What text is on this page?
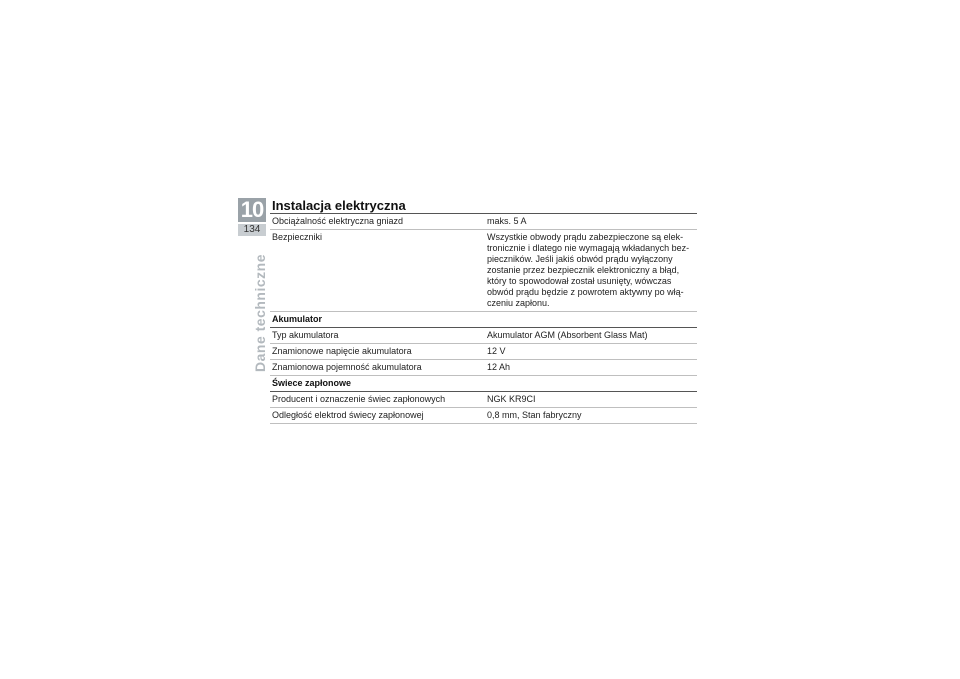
10
134
Dane techniczne
Instalacja elektryczna
Obciążalność elektryczna gniazd	maks. 5 A
Bezpieczniki	Wszystkie obwody prądu zabezpieczone są elek-tronicznie i dlatego nie wymagają wkładanych bez-pieczników. Jeśli jakiś obwód prądu wyłączony zostanie przez bezpiecznik elektroniczny a błąd, który to spowodował został usunięty, wówczas obwód prądu będzie z powrotem aktywny po włą-czeniu zapłonu.
Akumulator	
Typ akumulatora	Akumulator AGM (Absorbent Glass Mat)
Znamionowe napięcie akumulatora	12 V
Znamionowa pojemność akumulatora	12 Ah
Świece zapłonowe	
Producent i oznaczenie świec zapłonowych	NGK KR9CI
Odległość elektrod świecy zapłonowej	0,8 mm, Stan fabryczny
